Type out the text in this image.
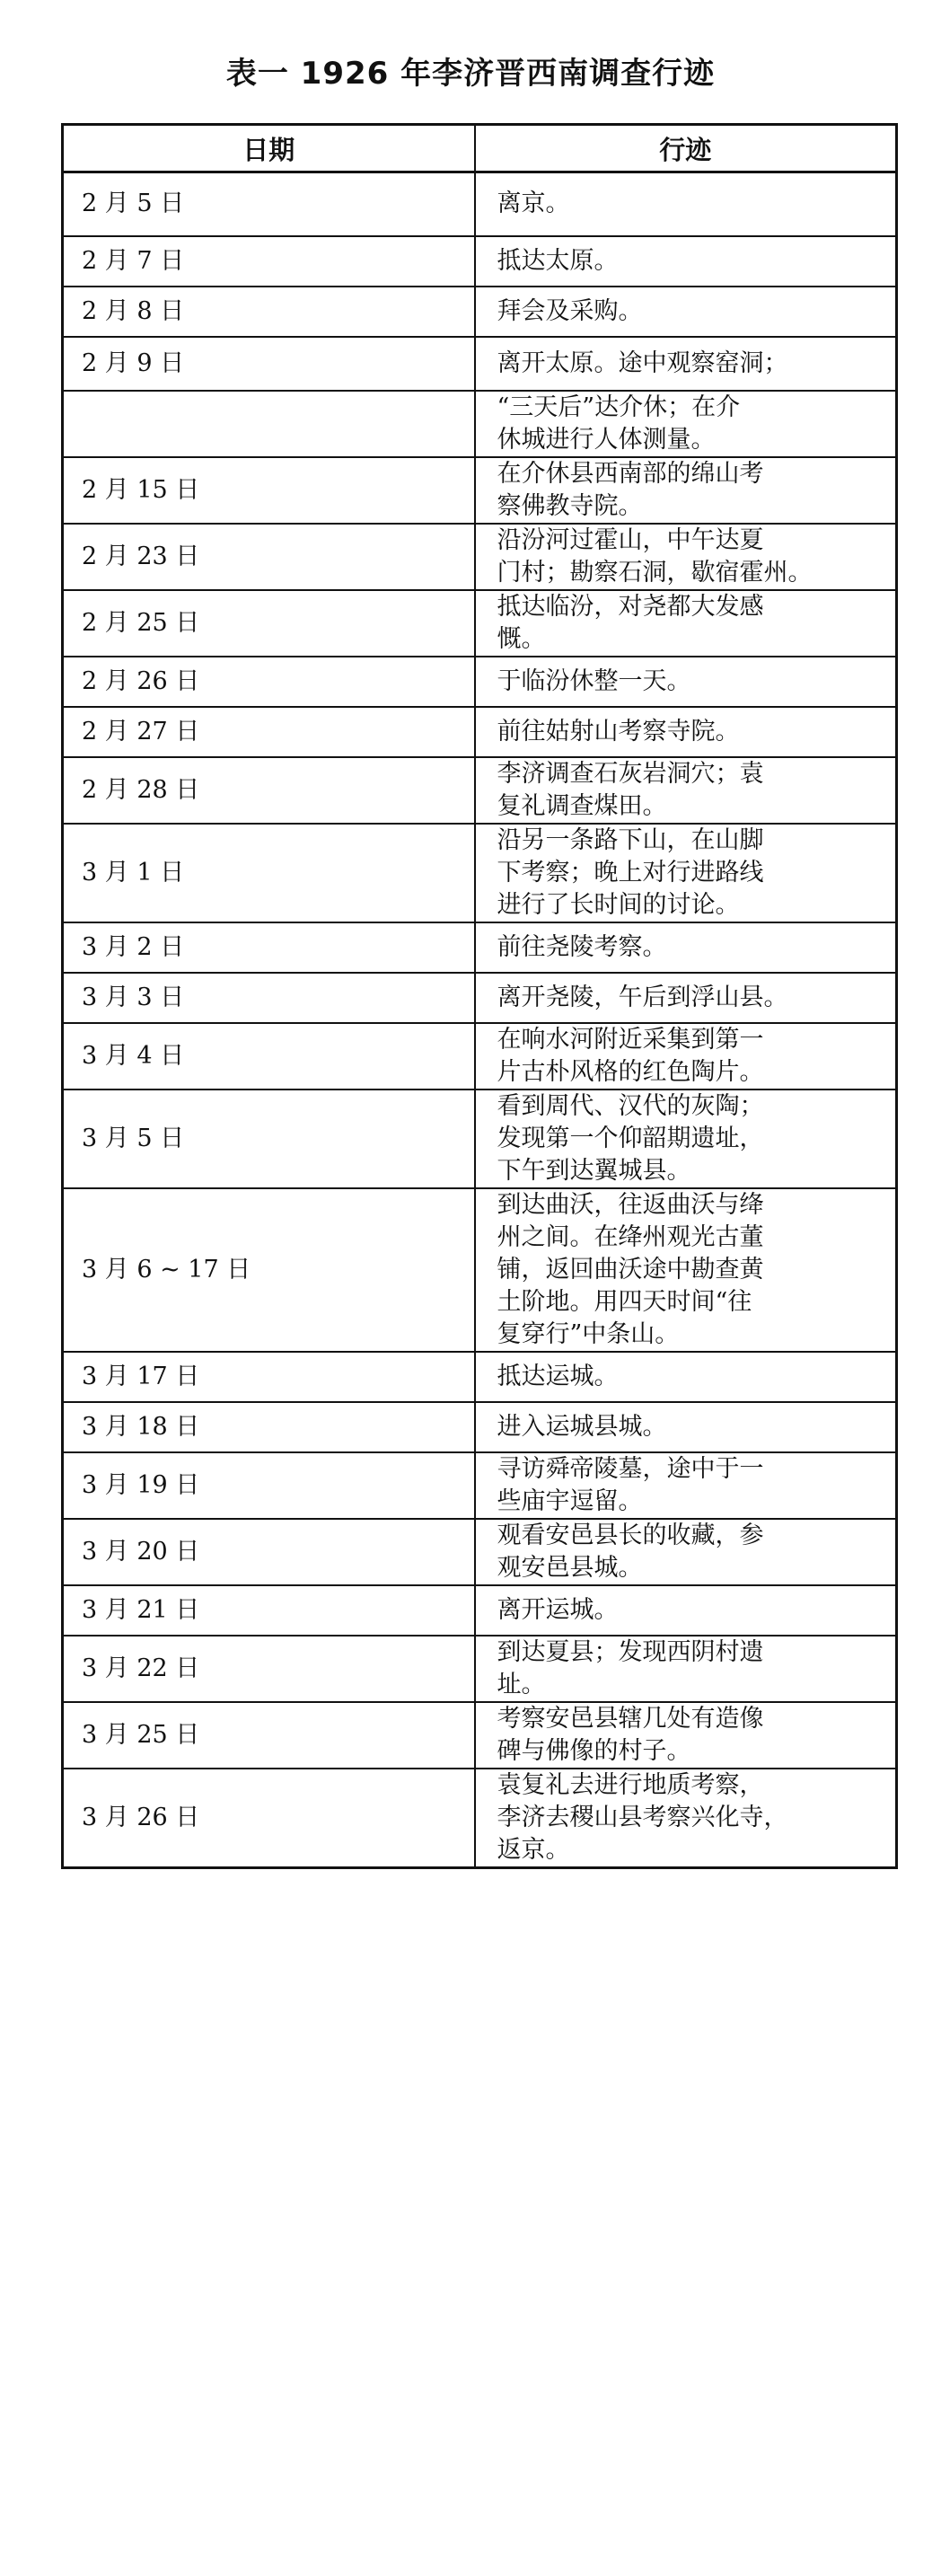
表一 1926 年李济晋西南调查行迹
日期	行迹
2 月 5 日	离京。

2 月 7 日	抵达太原。

2 月 8 日	拜会及采购。

2 月 9 日	离开太原。途中观察窑洞；

	“三天后”达介休；在介
休城进行人体测量。

2 月 15 日	在介休县西南部的绵山考
察佛教寺院。

2 月 23 日	沿汾河过霍山，中午达夏
门村；勘察石洞，歇宿霍州。

2 月 25 日	抵达临汾，对尧都大发感
慨。

2 月 26 日	于临汾休整一天。

2 月 27 日	前往姑射山考察寺院。

2 月 28 日	李济调查石灰岩洞穴；袁
复礼调查煤田。

3 月 1 日	沿另一条路下山，在山脚
下考察；晚上对行进路线
进行了长时间的讨论。

3 月 2 日	前往尧陵考察。

3 月 3 日	离开尧陵，午后到浮山县。

3 月 4 日	在响水河附近采集到第一
片古朴风格的红色陶片。

3 月 5 日	看到周代、汉代的灰陶；
发现第一个仰韶期遗址，
下午到达翼城县。

3 月 6 ~ 17 日	到达曲沃，往返曲沃与绛
州之间。在绛州观光古董
铺，返回曲沃途中勘查黄
土阶地。用四天时间“往
复穿行”中条山。

3 月 17 日	抵达运城。

3 月 18 日	进入运城县城。

3 月 19 日	寻访舜帝陵墓，途中于一
些庙宇逗留。

3 月 20 日	观看安邑县长的收藏，参
观安邑县城。

3 月 21 日	离开运城。

3 月 22 日	到达夏县；发现西阴村遗
址。

3 月 25 日	考察安邑县辖几处有造像
碑与佛像的村子。

3 月 26 日	袁复礼去进行地质考察，
李济去稷山县考察兴化寺，
返京。
